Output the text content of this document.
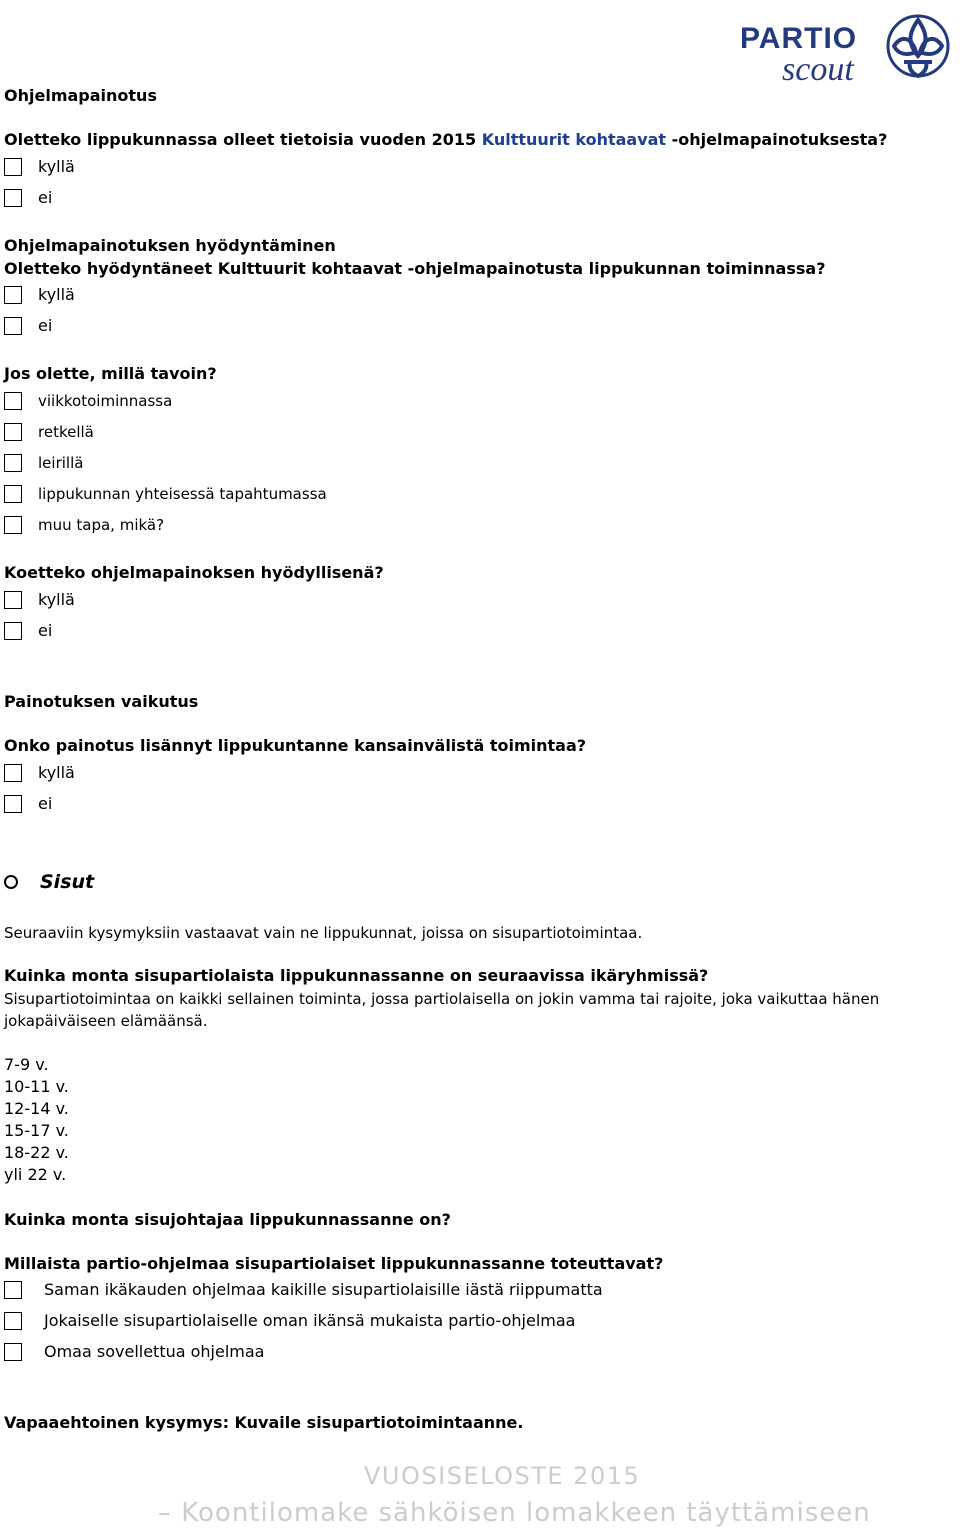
PARTIO
scout
Ohjelmapainotus
Oletteko lippukunnassa olleet tietoisia vuoden 2015 Kulttuurit kohtaavat -ohjelmapainotuksesta?
kyllä
ei
Ohjelmapainotuksen hyödyntäminen
Oletteko hyödyntäneet Kulttuurit kohtaavat -ohjelmapainotusta lippukunnan toiminnassa?
kyllä
ei
Jos olette, millä tavoin?
viikkotoiminnassa
retkellä
leirillä
lippukunnan yhteisessä tapahtumassa
muu tapa, mikä?
Koetteko ohjelmapainoksen hyödyllisenä?
kyllä
ei
Painotuksen vaikutus
Onko painotus lisännyt lippukuntanne kansainvälistä toimintaa?
kyllä
ei
Sisut
Seuraaviin kysymyksiin vastaavat vain ne lippukunnat, joissa on sisupartiotoimintaa.
Kuinka monta sisupartiolaista lippukunnassanne on seuraavissa ikäryhmissä?
Sisupartiotoimintaa on kaikki sellainen toiminta, jossa partiolaisella on jokin vamma tai rajoite, joka vaikuttaa hänen
jokapäiväiseen elämäänsä.
7-9 v.
10-11 v.
12-14 v.
15-17 v.
18-22 v.
yli 22 v.
Kuinka monta sisujohtajaa lippukunnassanne on?
Millaista partio-ohjelmaa sisupartiolaiset lippukunnassanne toteuttavat?
Saman ikäkauden ohjelmaa kaikille sisupartiolaisille iästä riippumatta
Jokaiselle sisupartiolaiselle oman ikänsä mukaista partio-ohjelmaa
Omaa sovellettua ohjelmaa
Vapaaehtoinen kysymys: Kuvaile sisupartiotoimintaanne.
VUOSISELOSTE 2015
– Koontilomake sähköisen lomakkeen täyttämiseen
